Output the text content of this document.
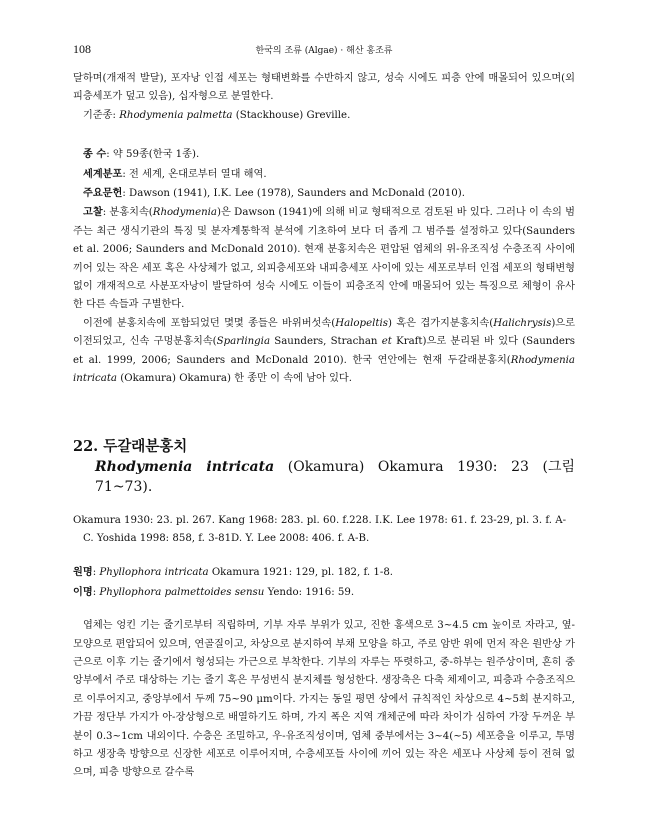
108	한국의 조류 (Algae) · 해산 홍조류

달하며(개재적 발달), 포자낭 인접 세포는 형태변화를 수반하지 않고, 성숙 시에도 피층 안에 매몰되어 있으며(외피층세포가 덮고 있음), 십자형으로 분열한다.

기준종: Rhodymenia palmetta (Stackhouse) Greville.

종 수: 약 59종(한국 1종).

세계분포: 전 세계, 온대로부터 열대 해역.

주요문헌: Dawson (1941), I.K. Lee (1978), Saunders and McDonald (2010).

고찰: 분홍치속(Rhodymenia)은 Dawson (1941)에 의해 비교 형태적으로 검토된 바 있다. 그러나 이 속의 범주는 최근 생식기관의 특징 및 분자계통학적 분석에 기초하여 보다 더 좁게 그 범주를 설정하고 있다(Saunders et al. 2006; Saunders and McDonald 2010). 현재 분홍치속은 편압된 엽체의 위-유조직성 수층조직 사이에 끼어 있는 작은 세포 혹은 사상체가 없고, 외피층세포와 내피층세포 사이에 있는 세포로부터 인접 세포의 형태변형 없이 개재적으로 사분포자낭이 발달하여 성숙 시에도 이들이 피층조직 안에 매몰되어 있는 특징으로 체형이 유사한 다른 속들과 구별한다.

이전에 분홍치속에 포함되었던 몇몇 종들은 바위버섯속(Halopeltis) 혹은 겹가지분홍치속(Halichrysis)으로 이전되었고, 신속 구멍분홍치속(Sparlingia Saunders, Strachan et Kraft)으로 분리된 바 있다 (Saunders et al. 1999, 2006; Saunders and McDonald 2010). 한국 연안에는 현재 두갈래분홍치(Rhodymenia intricata (Okamura) Okamura) 한 종만 이 속에 남아 있다.

22. 두갈래분홍치

Rhodymenia intricata (Okamura) Okamura 1930: 23 (그림 71~73).

Okamura 1930: 23. pl. 267. Kang 1968: 283. pl. 60. f.228. I.K. Lee 1978: 61. f. 23-29, pl. 3. f. A-C. Yoshida 1998: 858, f. 3-81D. Y. Lee 2008: 406. f. A-B.

원명: Phyllophora intricata Okamura 1921: 129, pl. 182, f. 1-8.

이명: Phyllophora palmettoides sensu Yendo: 1916: 59.

엽체는 엉킨 기는 줄기로부터 직립하며, 기부 자루 부위가 있고, 진한 홍색으로 3~4.5 cm 높이로 자라고, 옆-모양으로 편압되어 있으며, 연골질이고, 차상으로 분지하여 부채 모양을 하고, 주로 암반 위에 먼저 작은 원반상 가근으로 이후 기는 줄기에서 형성되는 가근으로 부착한다. 기부의 자루는 뚜렷하고, 중-하부는 원주상이며, 흔히 중앙부에서 주로 대상하는 기는 줄기 혹은 무성번식 분지체를 형성한다. 생장축은 다축 체제이고, 피층과 수층조직으로 이루어지고, 중앙부에서 두께 75~90 μm이다. 가지는 동일 평면 상에서 규칙적인 차상으로 4~5회 분지하고, 가끔 정단부 가지가 아-장상형으로 배열하기도 하며, 가지 폭은 지역 개체군에 따라 차이가 심하여 가장 두꺼운 부분이 0.3~1cm 내외이다. 수층은 조밀하고, 우-유조직성이며, 엽체 중부에서는 3~4(~5) 세포층을 이루고, 투명하고 생장축 방향으로 신장한 세포로 이루어지며, 수층세포들 사이에 끼어 있는 작은 세포나 사상체 등이 전혀 없으며, 피층 방향으로 갈수록
